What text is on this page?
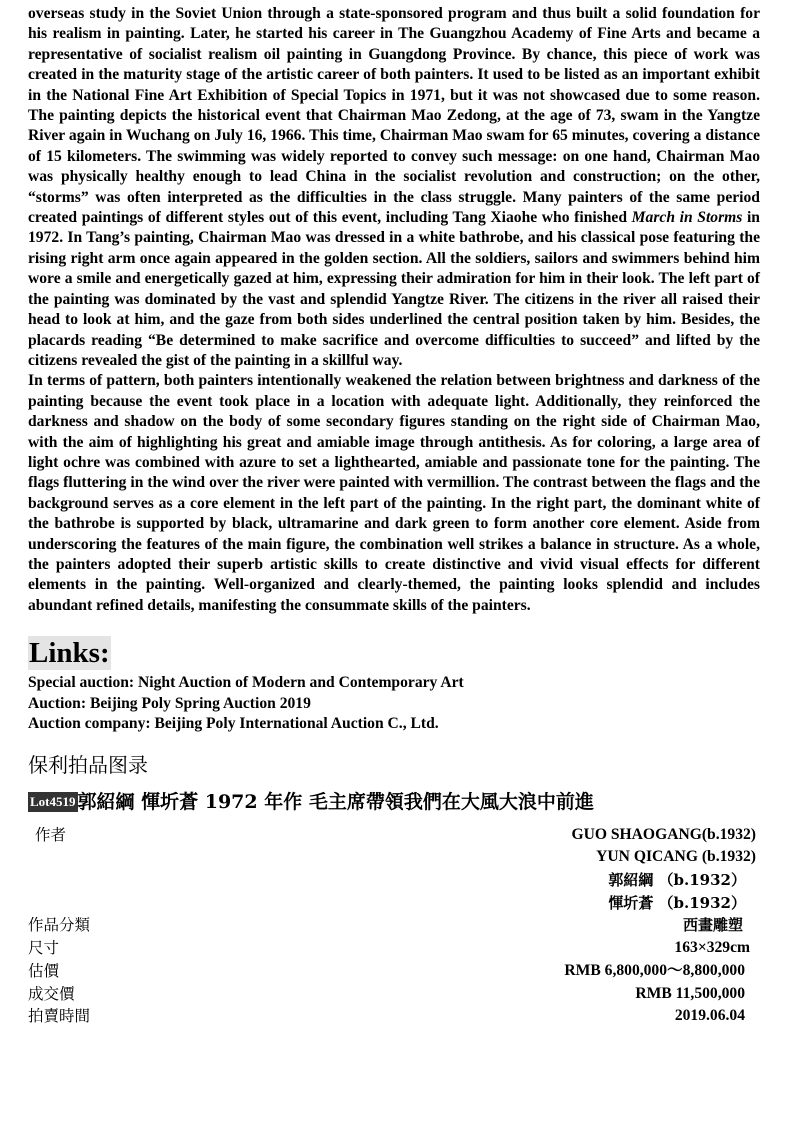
overseas study in the Soviet Union through a state-sponsored program and thus built a solid foundation for his realism in painting. Later, he started his career in The Guangzhou Academy of Fine Arts and became a representative of socialist realism oil painting in Guangdong Province. By chance, this piece of work was created in the maturity stage of the artistic career of both painters. It used to be listed as an important exhibit in the National Fine Art Exhibition of Special Topics in 1971, but it was not showcased due to some reason. The painting depicts the historical event that Chairman Mao Zedong, at the age of 73, swam in the Yangtze River again in Wuchang on July 16, 1966. This time, Chairman Mao swam for 65 minutes, covering a distance of 15 kilometers. The swimming was widely reported to convey such message: on one hand, Chairman Mao was physically healthy enough to lead China in the socialist revolution and construction; on the other, “storms” was often interpreted as the difficulties in the class struggle. Many painters of the same period created paintings of different styles out of this event, including Tang Xiaohe who finished March in Storms in 1972. In Tang’s painting, Chairman Mao was dressed in a white bathrobe, and his classical pose featuring the rising right arm once again appeared in the golden section. All the soldiers, sailors and swimmers behind him wore a smile and energetically gazed at him, expressing their admiration for him in their look. The left part of the painting was dominated by the vast and splendid Yangtze River. The citizens in the river all raised their head to look at him, and the gaze from both sides underlined the central position taken by him. Besides, the placards reading “Be determined to make sacrifice and overcome difficulties to succeed” and lifted by the citizens revealed the gist of the painting in a skillful way.

In terms of pattern, both painters intentionally weakened the relation between brightness and darkness of the painting because the event took place in a location with adequate light. Additionally, they reinforced the darkness and shadow on the body of some secondary figures standing on the right side of Chairman Mao, with the aim of highlighting his great and amiable image through antithesis. As for coloring, a large area of light ochre was combined with azure to set a lighthearted, amiable and passionate tone for the painting. The flags fluttering in the wind over the river were painted with vermillion. The contrast between the flags and the background serves as a core element in the left part of the painting. In the right part, the dominant white of the bathrobe is supported by black, ultramarine and dark green to form another core element. Aside from underscoring the features of the main figure, the combination well strikes a balance in structure. As a whole, the painters adopted their superb artistic skills to create distinctive and vivid visual effects for different elements in the painting. Well-organized and clearly-themed, the painting looks splendid and includes abundant refined details, manifesting the consummate skills of the painters.

Links:
Special auction: Night Auction of Modern and Contemporary Art
Auction: Beijing Poly Spring Auction 2019
Auction company: Beijing Poly International Auction C., Ltd.
保利拍品图录
Lot4519 郭紹綱 惲圻蒼 1972 年作 毛主席帶領我們在大風大浪中前進
作者	GUO SHAOGANG(b.1932)
YUN QICANG (b.1932)
郭紹綱 （b.1932）
惲圻蒼 （b.1932）
作品分類	西畫雕塑
尺寸	163×329cm
估價	RMB 6,800,000～8,800,000
成交價	RMB 11,500,000
拍賣時間	2019.06.04
